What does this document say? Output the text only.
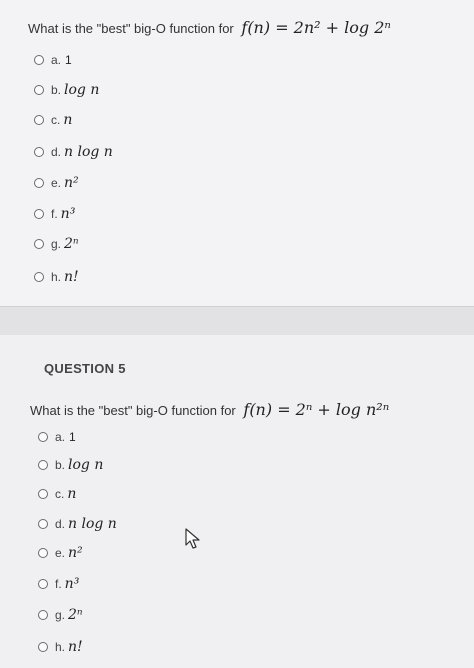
What is the "best" big-O function for f(n) = 2n² + log 2ⁿ
a. 1
b. log n
c. n
d. n log n
e. n²
f. n³
g. 2ⁿ
h. n!
QUESTION 5
What is the "best" big-O function for f(n) = 2ⁿ + log n²ⁿ
a. 1
b. log n
c. n
d. n log n
e. n²
f. n³
g. 2ⁿ
h. n!
